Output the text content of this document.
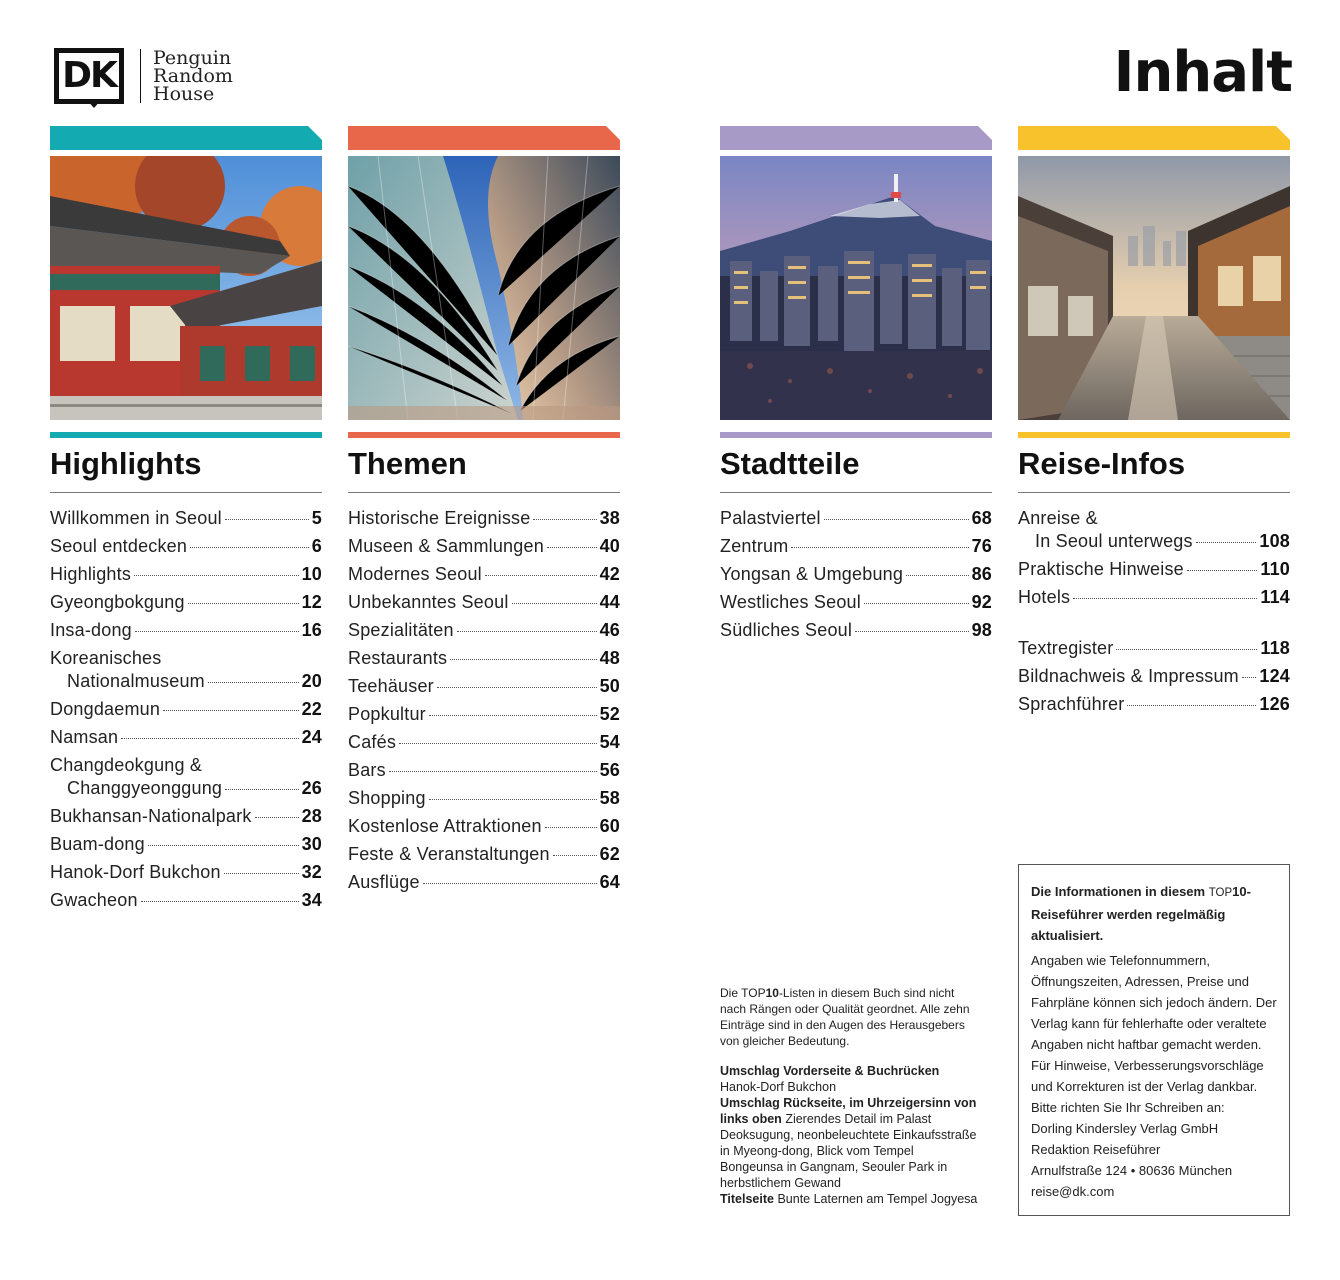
DK Penguin
Random
House	Inhalt
Highlights
Willkommen in Seoul	5
Seoul entdecken	6
Highlights	10
Gyeongbokgung	12
Insa-dong	16
Koreanisches
Nationalmuseum	20
Dongdaemun	22
Namsan	24
Changdeokgung &
Changgyeonggung	26
Bukhansan-Nationalpark	28
Buam-dong	30
Hanok-Dorf Bukchon	32
Gwacheon	34
Themen
Historische Ereignisse	38
Museen & Sammlungen	40
Modernes Seoul	42
Unbekanntes Seoul	44
Spezialitäten	46
Restaurants	48
Teehäuser	50
Popkultur	52
Cafés	54
Bars	56
Shopping	58
Kostenlose Attraktionen	60
Feste & Veranstaltungen	62
Ausflüge	64
Stadtteile
Palastviertel	68
Zentrum	76
Yongsan & Umgebung	86
Westliches Seoul	92
Südliches Seoul	98
Reise-Infos
Anreise &
In Seoul unterwegs	108
Praktische Hinweise	110
Hotels	114
Textregister	118
Bildnachweis & Impressum 124
Sprachführer	126

Die TOP10-Listen in diesem Buch sind nicht nach Rängen oder Qualität geordnet. Alle zehn Einträge sind in den Augen des Herausgebers von gleicher Bedeutung.

Umschlag Vorderseite & Buchrücken
Hanok-Dorf Bukchon

Umschlag Rückseite, im Uhrzeigersinn von links oben Zierendes Detail im Palast Deoksugung, neonbeleuchtete Einkaufsstraße in Myeong-dong, Blick vom Tempel Bongeunsa in Gangnam, Seouler Park in herbstlichem Gewand

Titelseite Bunte Laternen am Tempel Jogyesa

Die Informationen in diesem TOP10-Reiseführer werden regelmäßig aktualisiert.

Angaben wie Telefonnummern, Öffnungszeiten, Adressen, Preise und Fahrpläne können sich jedoch ändern. Der Verlag kann für fehlerhafte oder veraltete Angaben nicht haftbar gemacht werden. Für Hinweise, Verbesserungsvorschläge und Korrekturen ist der Verlag dankbar. Bitte richten Sie Ihr Schreiben an:

Dorling Kindersley Verlag GmbH

Redaktion Reiseführer

Arnulfstraße 124 • 80636 München

reise@dk.com
